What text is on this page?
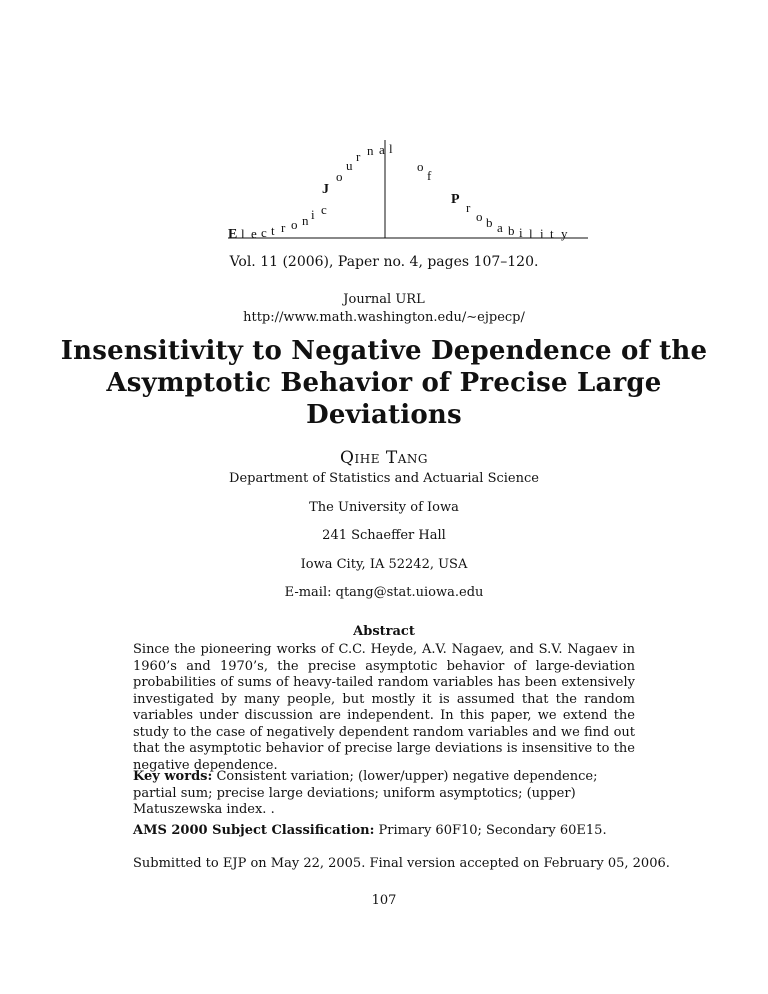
E l e c t r o n i c
J
o
u
r n a l
o
f
P
r
o b a b i l i t y
Vol. 11 (2006), Paper no. 4, pages 107–120.
Journal URL
http://www.math.washington.edu/∼ejpecp/
Insensitivity to Negative Dependence of the
Asymptotic Behavior of Precise Large
Deviations
Qihe Tang
Department of Statistics and Actuarial Science
The University of Iowa
241 Schaeffer Hall
Iowa City, IA 52242, USA
E-mail: qtang@stat.uiowa.edu
Abstract
Since the pioneering works of C.C. Heyde, A.V. Nagaev, and S.V. Nagaev in 1960’s and 1970’s, the precise asymptotic behavior of large-deviation probabilities of sums of heavy-tailed random variables has been extensively investigated by many people, but mostly it is assumed that the random variables under discussion are independent. In this paper, we extend the study to the case of negatively dependent random variables and we find out that the asymptotic behavior of precise large deviations is insensitive to the negative dependence.
Key words: Consistent variation; (lower/upper) negative dependence; partial sum; precise large deviations; uniform asymptotics; (upper) Matuszewska index. .
AMS 2000 Subject Classification: Primary 60F10; Secondary 60E15.
Submitted to EJP on May 22, 2005. Final version accepted on February 05, 2006.
107
